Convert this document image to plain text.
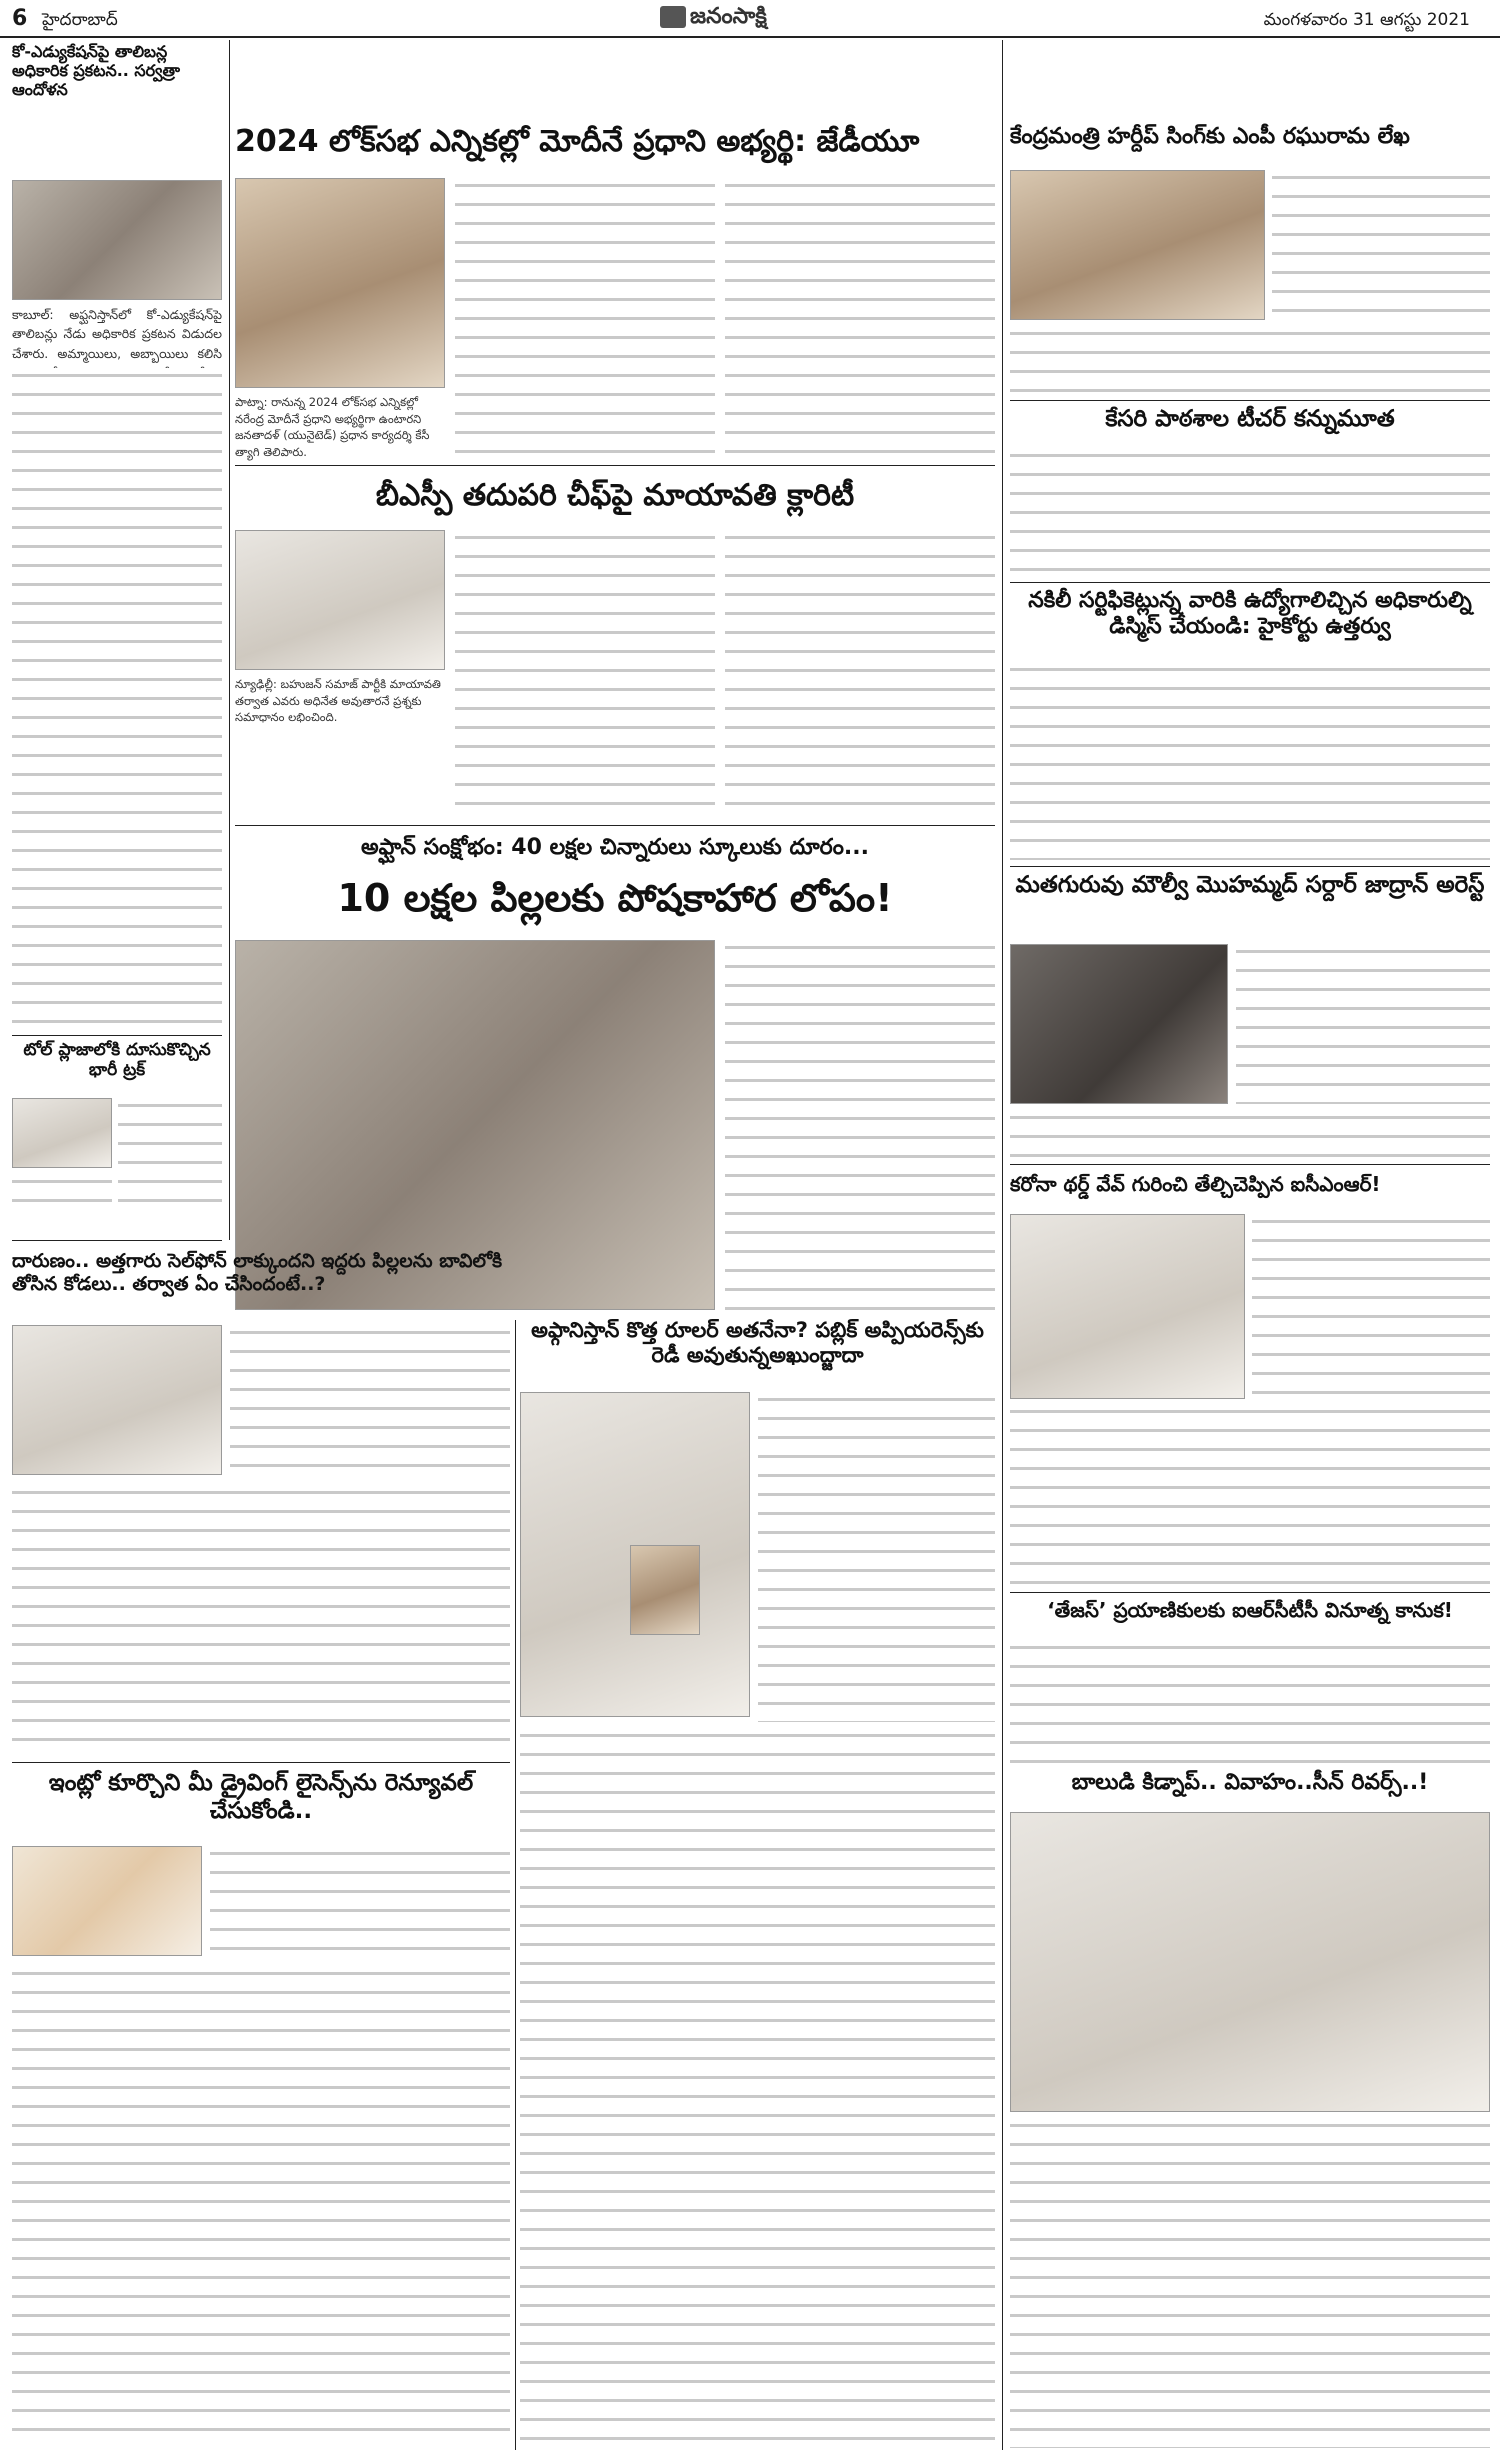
6 హైదరాబాద్	జనంసాక్షి	మంగళవారం 31 ఆగస్టు 2021
కో-ఎడ్యుకేషన్‌పై తాలిబన్ల అధికారిక ప్రకటన.. సర్వత్రా ఆందోళన
కాబూల్‌: అఫ్ఘనిస్తాన్‌లో కో-ఎడ్యుకేషన్‌పై తాలిబన్లు నేడు అధికారిక ప్రకటన విడుదల చేశారు. అమ్మాయిలు, అబ్బాయిలు కలిసి
టోల్‌ ప్లాజాలోకి దూసుకొచ్చిన భారీ ట్రక్‌
2024 లోక్‌సభ ఎన్నికల్లో మోదీనే ప్రధాని అభ్యర్థి: జేడీయూ
పాట్నా: రానున్న 2024 లోక్‌సభ ఎన్నికల్లో నరేంద్ర మోదీనే ప్రధాని అభ్యర్థిగా ఉంటారని జనతాదళ్‌ (యునైటెడ్‌) ప్రధాన కార్యదర్శి కేసీ త్యాగి తెలిపారు.
బీఎస్పీ తదుపరి చీఫ్‌పై మాయావతి క్లారిటీ
న్యూఢిల్లీ: బహుజన్‌ సమాజ్‌ పార్టీకి మాయావతి తర్వాత ఎవరు అధినేత అవుతారనే ప్రశ్నకు సమాధానం లభించింది.
అఫ్ఘాన్‌ సంక్షోభం: 40 లక్షల చిన్నారులు స్కూలుకు దూరం...
10 లక్షల పిల్లలకు పోషకాహార లోపం!
దారుణం.. అత్తగారు సెల్‌ఫోన్‌ లాక్కుందని ఇద్దరు పిల్లలను బావిలోకి తోసిన కోడలు.. తర్వాత ఏం చేసిందంటే..?
ఇంట్లో కూర్చొని మీ డ్రైవింగ్‌ లైసెన్స్‌ను రెన్యూవల్‌ చేసుకోండి..
అఫ్గానిస్తాన్‌ కొత్త రూలర్‌ అతనేనా? పబ్లిక్‌ అప్పియరెన్స్‌కు రెడీ అవుతున్నఅఖుంద్జాదా
కేంద్రమంత్రి హర్దీప్‌ సింగ్‌కు ఎంపీ రఘురామ లేఖ
కేసరి పాఠశాల టీచర్‌ కన్నుమూత
నకిలీ సర్టిఫికెట్లున్న వారికి ఉద్యోగాలిచ్చిన అధికారుల్ని డిస్మిస్‌ చేయండి: హైకోర్టు ఉత్తర్వు
మతగురువు మౌల్వీ మొహమ్మద్‌ సర్దార్‌ జాద్రాన్‌ అరెస్ట్‌
కరోనా థర్డ్‌ వేవ్‌ గురించి తేల్చిచెప్పిన ఐసీఎంఆర్‌!
‘తేజస్‌’ ప్రయాణికులకు ఐఆర్‌సీటీసీ వినూత్న కానుక!
బాలుడి కిడ్నాప్‌.. వివాహం..సీన్‌ రివర్స్‌..!
